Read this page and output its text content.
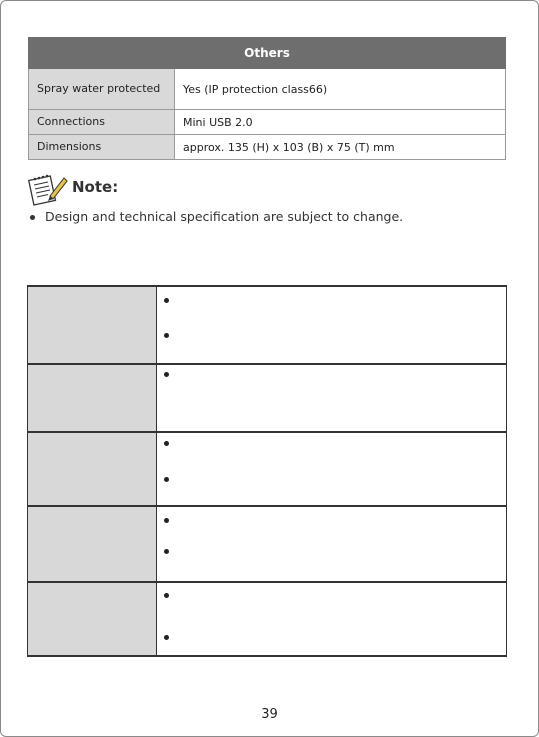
Others	
Spray water protected	Yes (IP protection class66)
Connections	Mini USB 2.0
Dimensions	approx. 135 (H) x 103 (B) x 75 (T) mm
Note:
Design and technical specification are subject to change.
39
